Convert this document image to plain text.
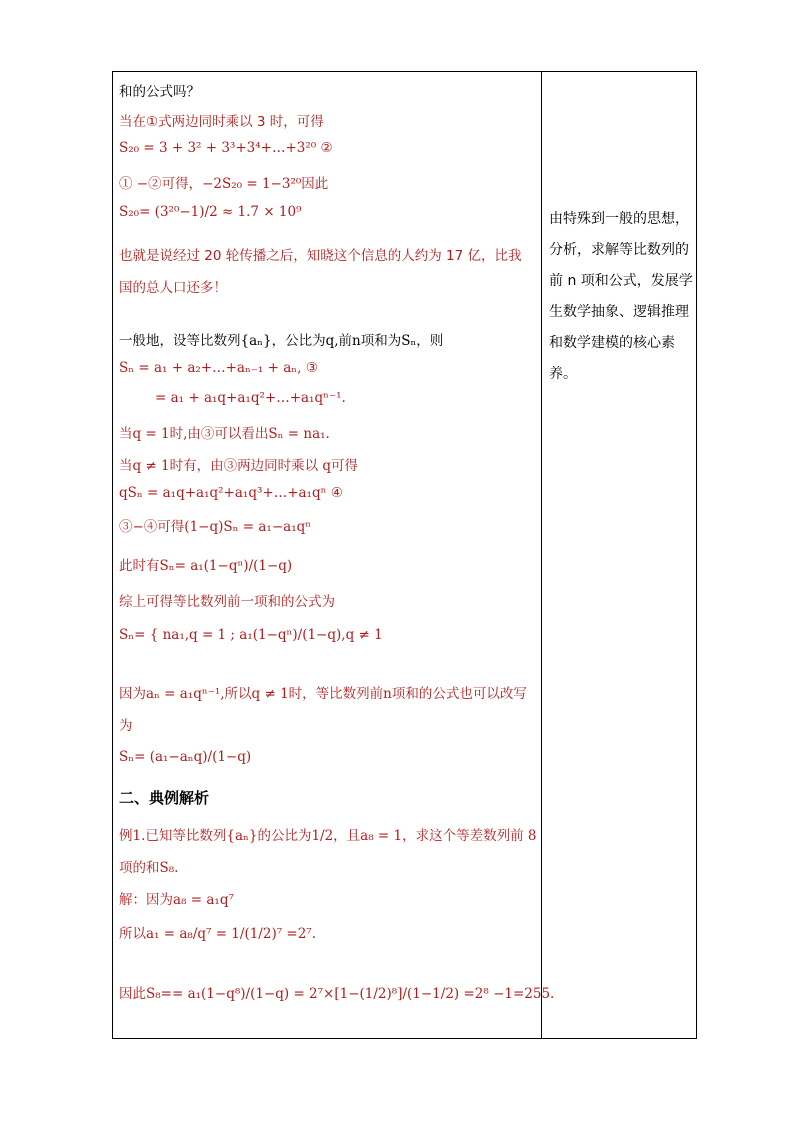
和的公式吗？
当在①式两边同时乘以 3 时，可得
S₂₀ = 3 + 3² + 3³+3⁴+…+3²⁰ ②
① −②可得，−2S₂₀ = 1−3²⁰因此
S₂₀= (3²⁰−1)/2 ≈ 1.7 × 10⁹
也就是说经过 20 轮传播之后，知晓这个信息的人约为 17 亿，比我
国的总人口还多！
一般地，设等比数列{aₙ}，公比为q,前n项和为Sₙ，则
Sₙ = a₁ + a₂+…+aₙ₋₁ + aₙ, ③
= a₁ + a₁q+a₁q²+…+a₁qⁿ⁻¹.
当q = 1时,由③可以看出Sₙ = na₁.
当q ≠ 1时有，由③两边同时乘以 q可得
qSₙ = a₁q+a₁q²+a₁q³+…+a₁qⁿ ④
③−④可得(1−q)Sₙ = a₁−a₁qⁿ
此时有Sₙ= a₁(1−qⁿ)/(1−q)
综上可得等比数列前一项和的公式为
Sₙ= { na₁,q = 1 ; a₁(1−qⁿ)/(1−q),q ≠ 1
因为aₙ = a₁qⁿ⁻¹,所以q ≠ 1时，等比数列前n项和的公式也可以改写
为
Sₙ= (a₁−aₙq)/(1−q)
二、典例解析
例1.已知等比数列{aₙ}的公比为1/2，且a₈ = 1，求这个等差数列前 8
项的和S₈.
解：因为a₈ = a₁q⁷
所以a₁ = a₈/q⁷ = 1/(1/2)⁷ =2⁷.
因此S₈== a₁(1−q⁸)/(1−q) = 2⁷×[1−(1/2)⁸]/(1−1/2) =2⁸ −1=255.
由特殊到一般的思想，
分析，求解等比数列的
前 n 项和公式，发展学
生数学抽象、逻辑推理
和数学建模的核心素养。
